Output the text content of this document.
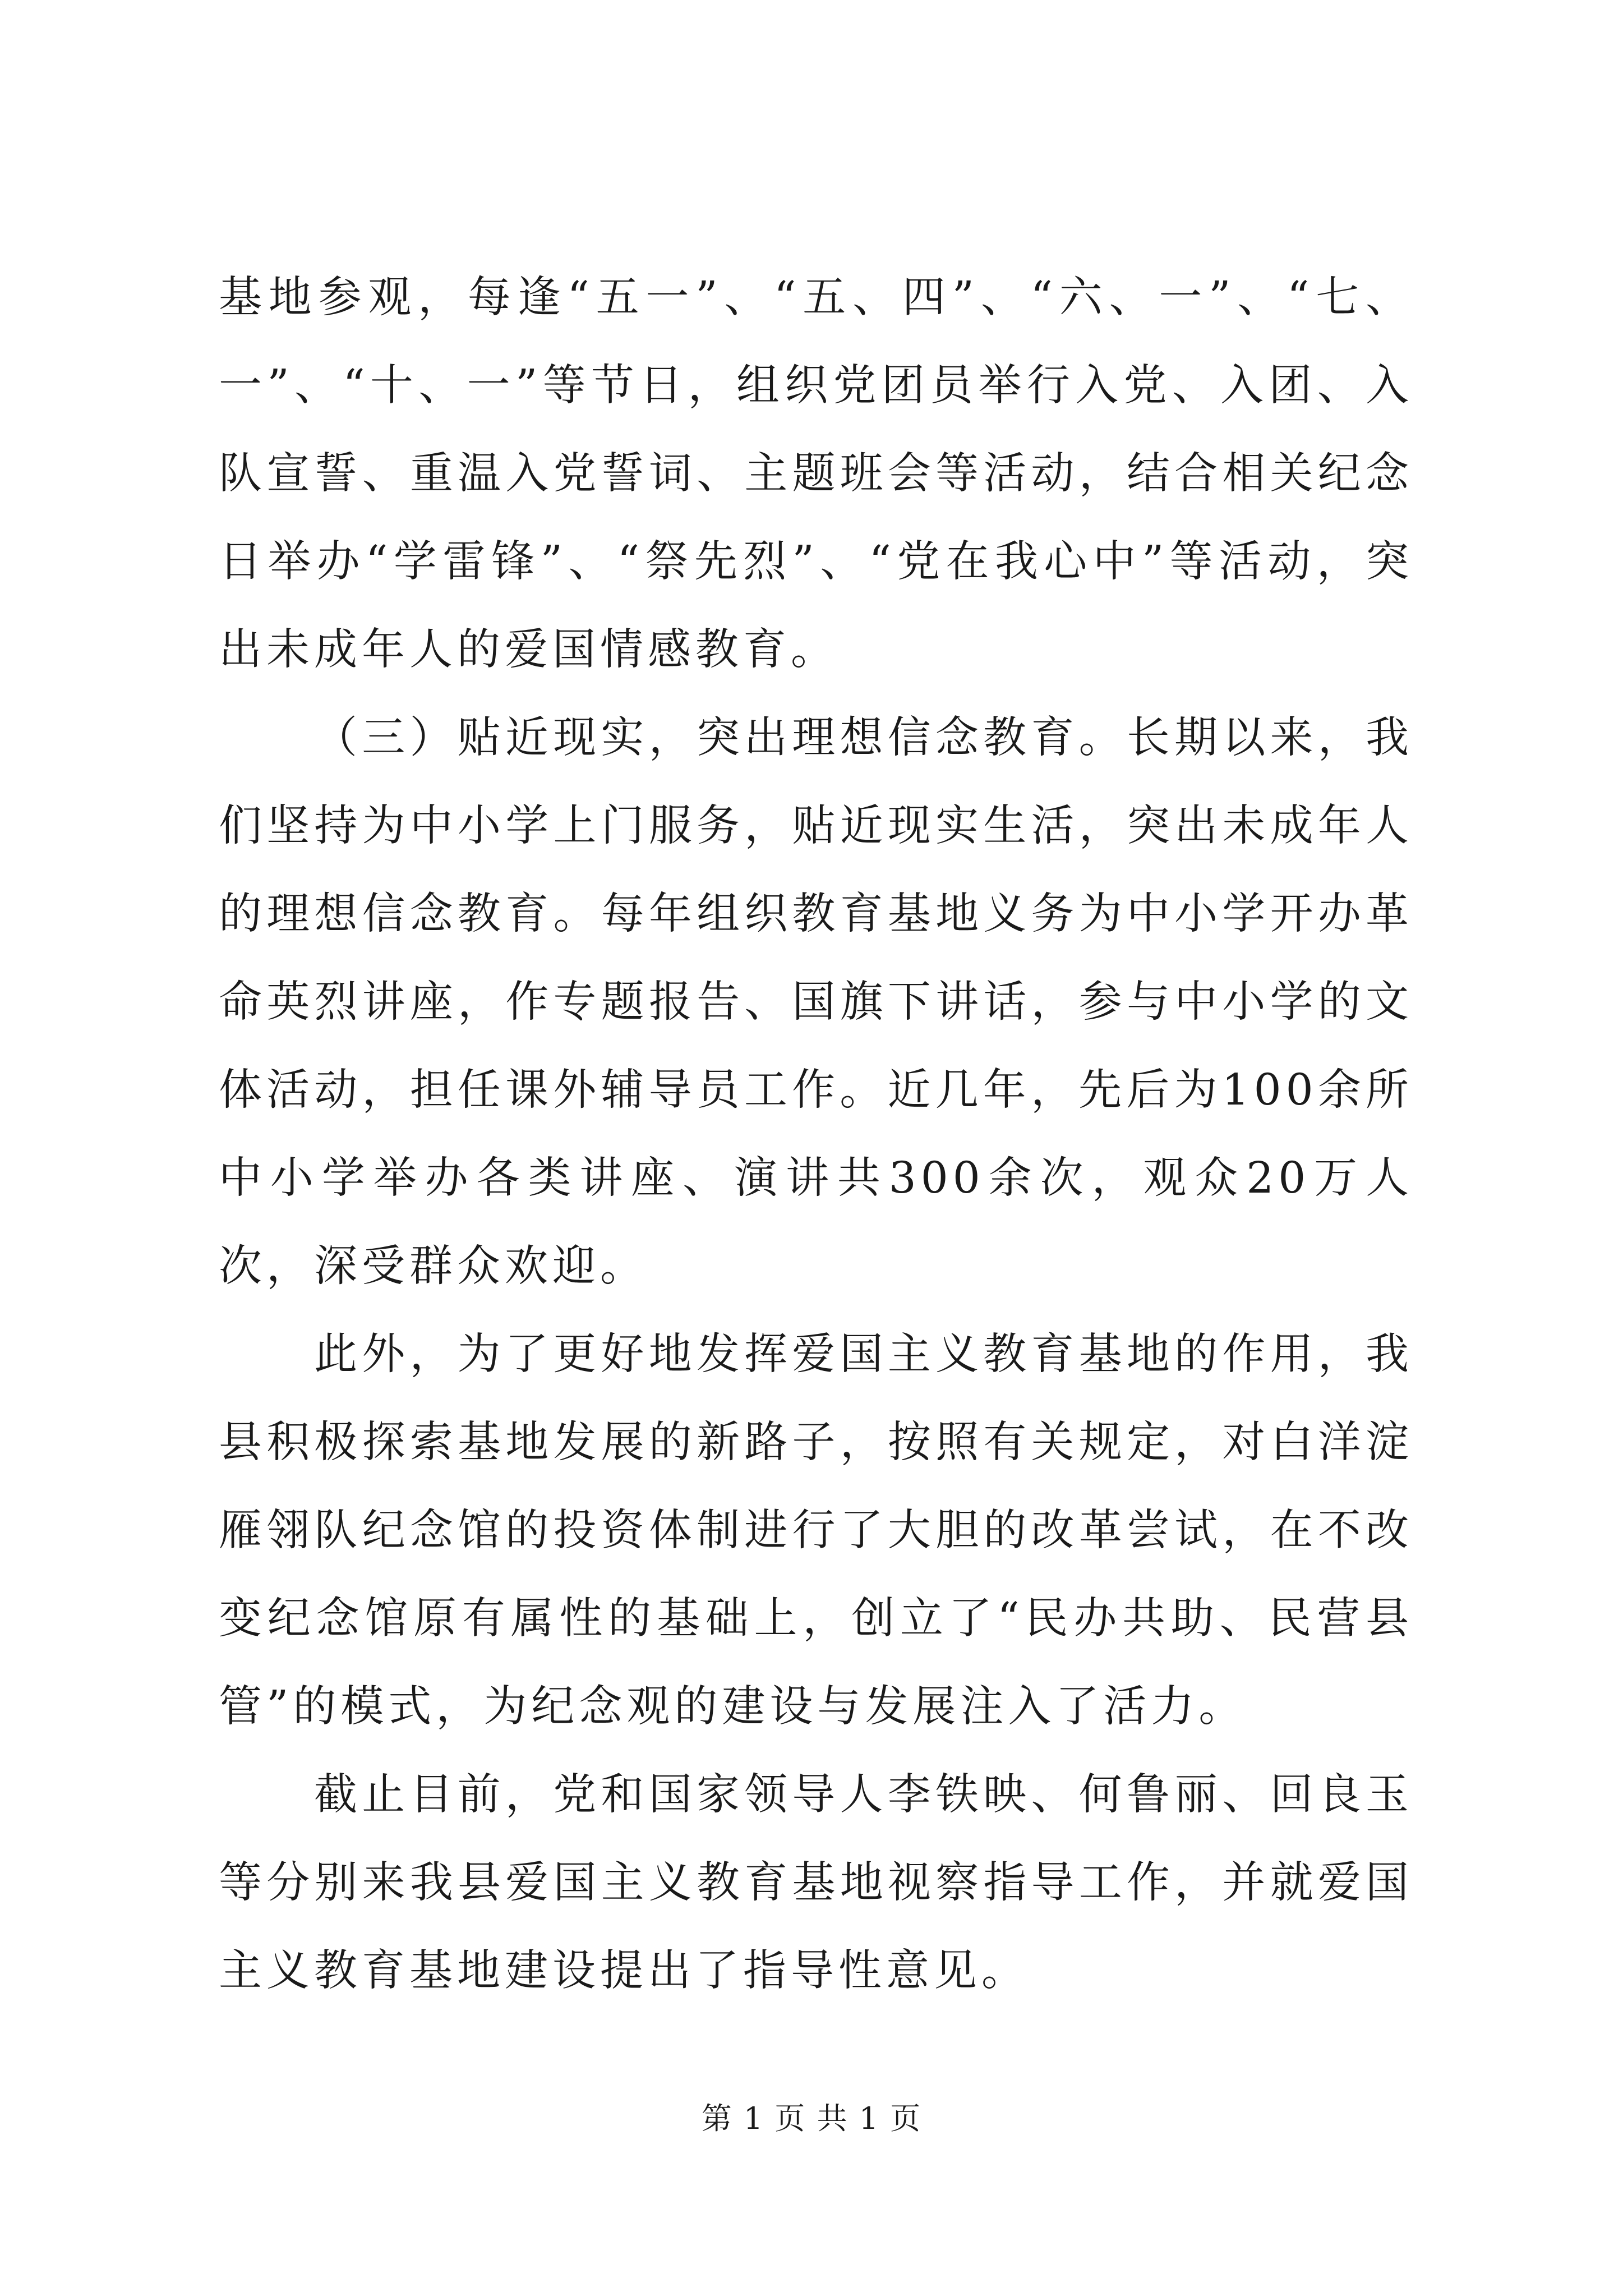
基地参观，每逢“五一”、“五、四”、“六、一”、“七、一”、“十、一”等节日，组织党团员举行入党、入团、入队宣誓、重温入党誓词、主题班会等活动，结合相关纪念日举办“学雷锋”、“祭先烈”、“党在我心中”等活动，突出未成年人的爱国情感教育。

（三）贴近现实，突出理想信念教育。长期以来，我们坚持为中小学上门服务，贴近现实生活，突出未成年人的理想信念教育。每年组织教育基地义务为中小学开办革命英烈讲座，作专题报告、国旗下讲话，参与中小学的文体活动，担任课外辅导员工作。近几年，先后为100余所中小学举办各类讲座、演讲共300余次，观众20万人次，深受群众欢迎。

此外，为了更好地发挥爱国主义教育基地的作用，我县积极探索基地发展的新路子，按照有关规定，对白洋淀雁翎队纪念馆的投资体制进行了大胆的改革尝试，在不改变纪念馆原有属性的基础上，创立了“民办共助、民营县管”的模式，为纪念观的建设与发展注入了活力。

截止目前，党和国家领导人李铁映、何鲁丽、回良玉等分别来我县爱国主义教育基地视察指导工作，并就爱国主义教育基地建设提出了指导性意见。

第 1 页 共 1 页
